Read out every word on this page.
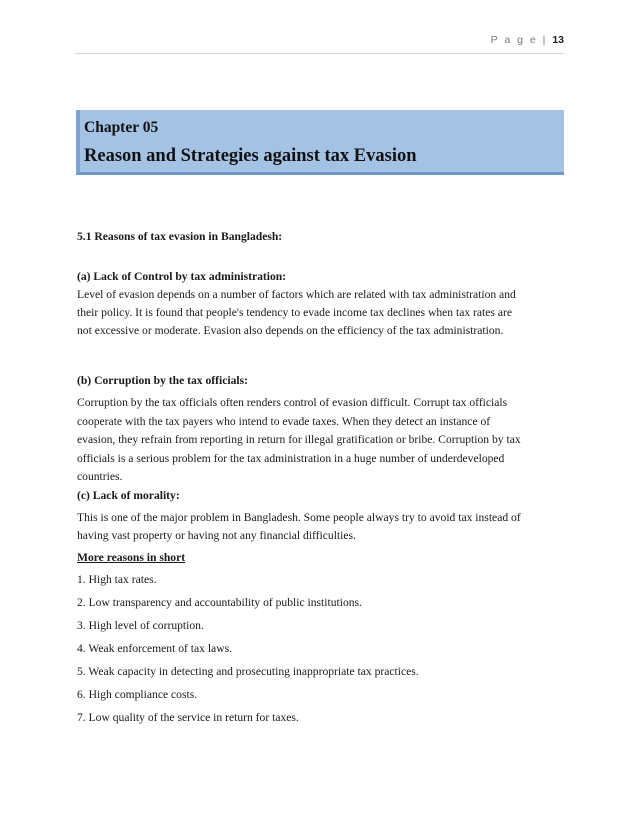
P a g e | 13
Chapter 05
Reason and Strategies against tax Evasion

5.1 Reasons of tax evasion in Bangladesh:

(a) Lack of Control by tax administration:

Level of evasion depends on a number of factors which are related with tax administration and

their policy. It is found that people's tendency to evade income tax declines when tax rates are

not excessive or moderate. Evasion also depends on the efficiency of the tax administration.

(b) Corruption by the tax officials:

Corruption by the tax officials often renders control of evasion difficult. Corrupt tax officials

cooperate with the tax payers who intend to evade taxes. When they detect an instance of

evasion, they refrain from reporting in return for illegal gratification or bribe. Corruption by tax

officials is a serious problem for the tax administration in a huge number of underdeveloped

countries.

(c) Lack of morality:

This is one of the major problem in Bangladesh. Some people always try to avoid tax instead of

having vast property or having not any financial difficulties.

More reasons in short

1. High tax rates.
2. Low transparency and accountability of public institutions.
3. High level of corruption.
4. Weak enforcement of tax laws.
5. Weak capacity in detecting and prosecuting inappropriate tax practices.
6. High compliance costs.
7. Low quality of the service in return for taxes.
